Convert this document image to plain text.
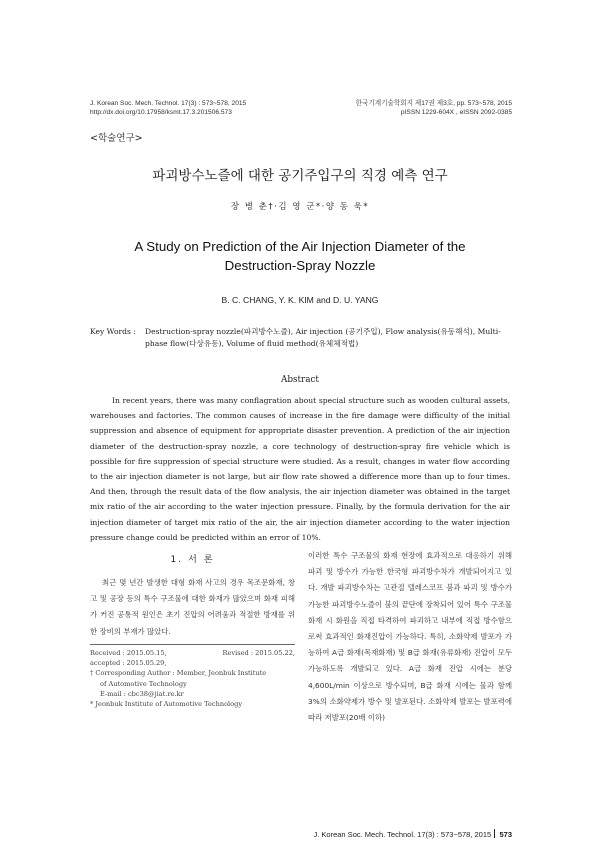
J. Korean Soc. Mech. Technol. 17(3) : 573~578, 2015
http://dx.doi.org/10.17958/ksmt.17.3.201506.573
한국기계기술학회지 제17권 제3호, pp. 573~578, 2015
pISSN 1229-604X , eISSN 2092-0385
<학술연구>
파괴방수노즐에 대한 공기주입구의 직경 예측 연구
장 병 춘†·김 영 군*·양 동 욱*
A Study on Prediction of the Air Injection Diameter of the
Destruction-Spray Nozzle
B. C. CHANG, Y. K. KIM and D. U. YANG
Key Words :	Destruction-spray nozzle(파괴방수노즐), Air injection (공기주입), Flow analysis(유동해석), Multi-phase flow(다상유동), Volume of fluid method(유체체적법)
Abstract
In recent years, there was many conflagration about special structure such as wooden cultural assets, warehouses and factories. The common causes of increase in the fire damage were difficulty of the initial suppression and absence of equipment for appropriate disaster prevention. A prediction of the air injection diameter of the destruction-spray nozzle, a core technology of destruction-spray fire vehicle which is possible for fire suppression of special structure were studied. As a result, changes in water flow according to the air injection diameter is not large, but air flow rate showed a difference more than up to four times. And then, through the result data of the flow analysis, the air injection diameter was obtained in the target mix ratio of the air according to the water injection pressure. Finally, by the formula derivation for the air injection diameter of target mix ratio of the air, the air injection diameter according to the water injection pressure change could be predicted within an error of 10%.
1. 서 론
최근 몇 년간 발생한 대형 화재 사고의 경우 목조문화재, 창고 및 공장 등의 특수 구조물에 대한 화재가 많았으며 화재 피해가 커진 공통적 원인은 초기 진압의 어려움과 적절한 방재를 위한 장비의 부재가 많았다.
Received : 2015.05.15,	Revised : 2015.05.22,
accepted : 2015.05.29,
† Corresponding Author : Member, Jeonbuk Institute
of Automotive Technology
E-mail : cbc38@jiat.re.kr
* Jeonbuk Institute of Automotive Technology
이러한 특수 구조물의 화재 현장에 효과적으로 대응하기 위해 파괴 및 방수가 가능한 한국형 파괴방수차가 개발되어지고 있다. 개발 파괴방수차는 고관절 텔레스코프 붐과 파괴 및 방수가 가능한 파괴방수노즐이 붐의 끝단에 장착되어 있어 특수 구조물 화재 시 화원을 직접 타격하여 파괴하고 내부에 직접 방수함으로써 효과적인 화재진압이 가능하다. 특히, 소화약제 발포가 가능하여 A급 화재(목재화재) 및 B급 화재(유류화재) 진압이 모두 가능하도록 개발되고 있다. A급 화재 진압 시에는 분당 4,600L/min 이상으로 방수되며, B급 화재 시에는 물과 함께 3%의 소화약제가 방수 및 발포된다. 소화약제 발포는 발포력에 따라 저발포(20배 이하)
J. Korean Soc. Mech. Technol. 17(3) : 573~578, 2015 573
